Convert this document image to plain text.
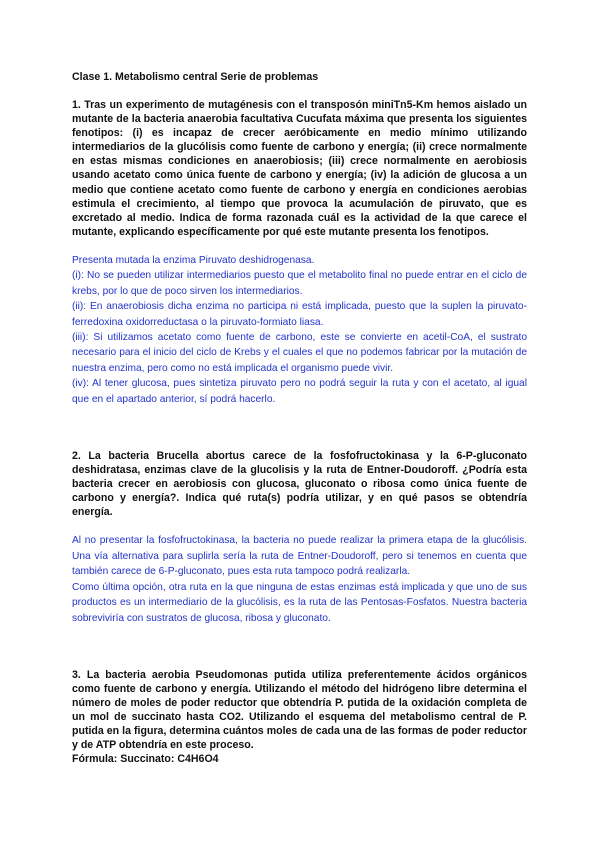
Clase 1. Metabolismo central Serie de problemas

1. Tras un experimento de mutagénesis con el transposón miniTn5-Km hemos aislado un mutante de la bacteria anaerobia facultativa Cucufata máxima que presenta los siguientes fenotipos: (i) es incapaz de crecer aeróbicamente en medio mínimo utilizando intermediarios de la glucólisis como fuente de carbono y energía; (ii) crece normalmente en estas mismas condiciones en anaerobiosis; (iii) crece normalmente en aerobiosis usando acetato como única fuente de carbono y energía; (iv) la adición de glucosa a un medio que contiene acetato como fuente de carbono y energía en condiciones aerobias estimula el crecimiento, al tiempo que provoca la acumulación de piruvato, que es excretado al medio. Indica de forma razonada cuál es la actividad de la que carece el mutante, explicando específicamente por qué este mutante presenta los fenotipos.

Presenta mutada la enzima Piruvato deshidrogenasa.

(i): No se pueden utilizar intermediarios puesto que el metabolito final no puede entrar en el ciclo de krebs, por lo que de poco sirven los intermediarios.

(ii): En anaerobiosis dicha enzima no participa ni está implicada, puesto que la suplen la piruvato-ferredoxina oxidorreductasa o la piruvato-formiato liasa.

(iii): Si utilizamos acetato como fuente de carbono, este se convierte en acetil-CoA, el sustrato necesario para el inicio del ciclo de Krebs y el cuales el que no podemos fabricar por la mutación de nuestra enzima, pero como no está implicada el organismo puede vivir.

(iv): Al tener glucosa, pues sintetiza piruvato pero no podrá seguir la ruta y con el acetato, al igual que en el apartado anterior, sí podrá hacerlo.

2. La bacteria Brucella abortus carece de la fosfofructokinasa y la 6-P-gluconato deshidratasa, enzimas clave de la glucolisis y la ruta de Entner-Doudoroff. ¿Podría esta bacteria crecer en aerobiosis con glucosa, gluconato o ribosa como única fuente de carbono y energía?. Indica qué ruta(s) podría utilizar, y en qué pasos se obtendría energía.

Al no presentar la fosfofructokinasa, la bacteria no puede realizar la primera etapa de la glucólisis. Una vía alternativa para suplirla sería la ruta de Entner-Doudoroff, pero si tenemos en cuenta que también carece de 6-P-gluconato, pues esta ruta tampoco podrá realizarla.

Como última opción, otra ruta en la que ninguna de estas enzimas está implicada y que uno de sus productos es un intermediario de la glucólisis, es la ruta de las Pentosas-Fosfatos. Nuestra bacteria sobreviviría con sustratos de glucosa, ribosa y gluconato.

3. La bacteria aerobia Pseudomonas putida utiliza preferentemente ácidos orgánicos como fuente de carbono y energía. Utilizando el método del hidrógeno libre determina el número de moles de poder reductor que obtendría P. putida de la oxidación completa de un mol de succinato hasta CO2. Utilizando el esquema del metabolismo central de P. putida en la figura, determina cuántos moles de cada una de las formas de poder reductor y de ATP obtendría en este proceso.

Fórmula: Succinato: C4H6O4
